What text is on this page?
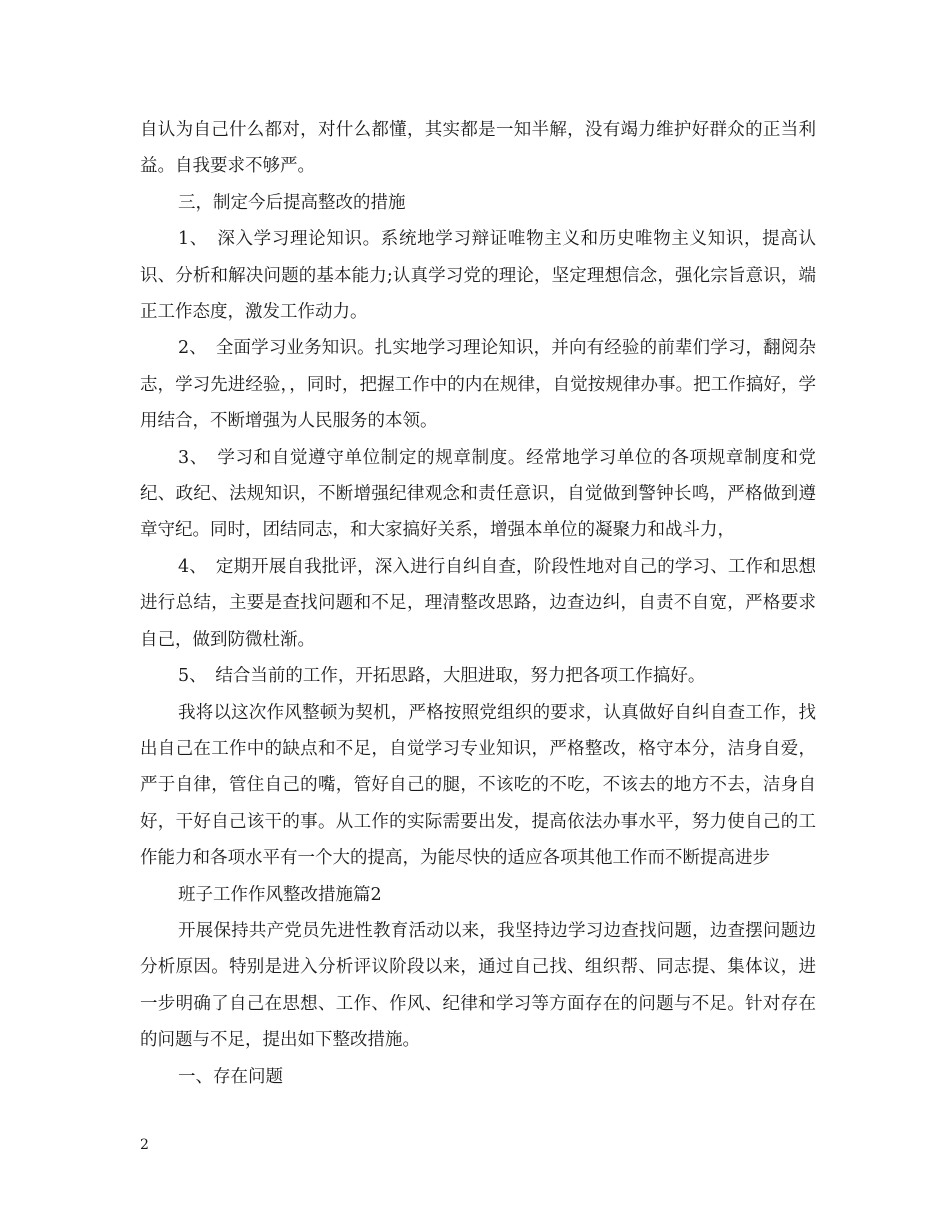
自认为自己什么都对，对什么都懂，其实都是一知半解，没有竭力维护好群众的正当利益。自我要求不够严。

三，制定今后提高整改的措施

1、　深入学习理论知识。系统地学习辩证唯物主义和历史唯物主义知识，提高认识、分析和解决问题的基本能力;认真学习党的理论，坚定理想信念，强化宗旨意识，端正工作态度，激发工作动力。

2、　全面学习业务知识。扎实地学习理论知识，并向有经验的前辈们学习，翻阅杂志，学习先进经验，，同时，把握工作中的内在规律，自觉按规律办事。把工作搞好，学用结合，不断增强为人民服务的本领。

3、　学习和自觉遵守单位制定的规章制度。经常地学习单位的各项规章制度和党纪、政纪、法规知识，不断增强纪律观念和责任意识，自觉做到警钟长鸣，严格做到遵章守纪。同时，团结同志，和大家搞好关系，增强本单位的凝聚力和战斗力，

4、　定期开展自我批评，深入进行自纠自查，阶段性地对自己的学习、工作和思想进行总结，主要是查找问题和不足，理清整改思路，边查边纠，自责不自宽，严格要求自己，做到防微杜渐。

5、　结合当前的工作，开拓思路，大胆进取，努力把各项工作搞好。

我将以这次作风整顿为契机，严格按照党组织的要求，认真做好自纠自查工作，找出自己在工作中的缺点和不足，自觉学习专业知识，严格整改，格守本分，洁身自爱，严于自律，管住自己的嘴，管好自己的腿，不该吃的不吃，不该去的地方不去，洁身自好，干好自己该干的事。从工作的实际需要出发，提高依法办事水平，努力使自己的工作能力和各项水平有一个大的提高，为能尽快的适应各项其他工作而不断提高进步

班子工作作风整改措施篇2

开展保持共产党员先进性教育活动以来，我坚持边学习边查找问题，边查摆问题边分析原因。特别是进入分析评议阶段以来，通过自己找、组织帮、同志提、集体议，进一步明确了自己在思想、工作、作风、纪律和学习等方面存在的问题与不足。针对存在的问题与不足，提出如下整改措施。

一、存在问题

2
